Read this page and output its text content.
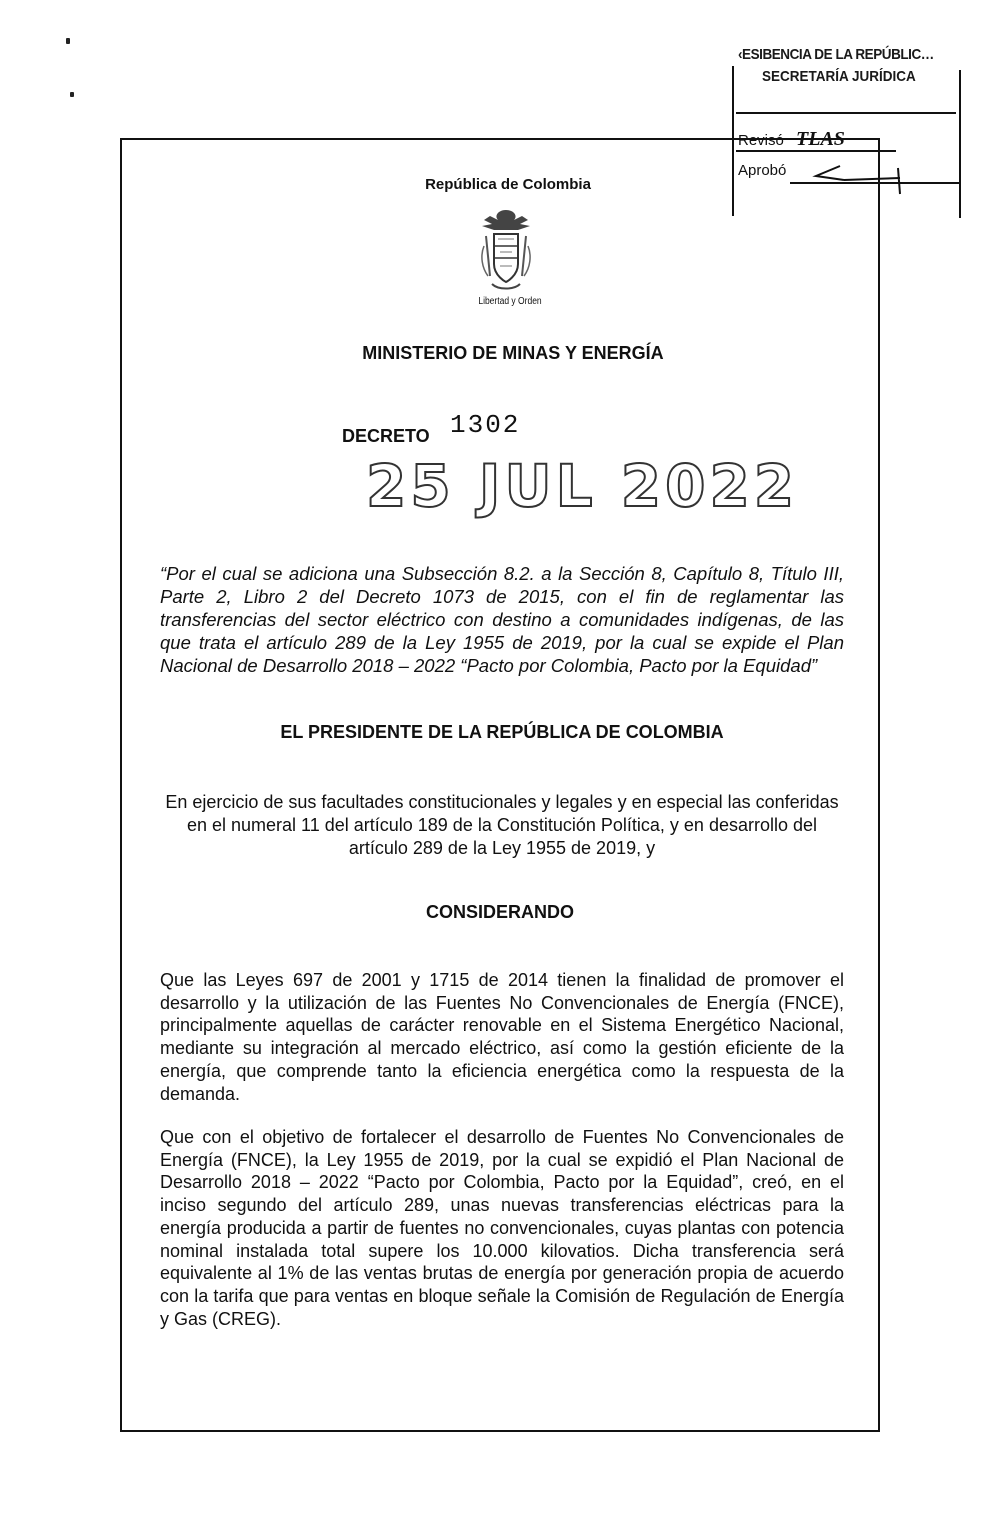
‹ESIBENCIA DE LA REPÚBLIC…
SECRETARÍA JURÍDICA
Revisó TLAS
Aprobó
República de Colombia
Libertad y Orden
MINISTERIO DE MINAS Y ENERGÍA
DECRETO 1302
25 JUL 2022
“Por el cual se adiciona una Subsección 8.2. a la Sección 8, Capítulo 8, Título III, Parte 2, Libro 2 del Decreto 1073 de 2015, con el fin de reglamentar las transferencias del sector eléctrico con destino a comunidades indígenas, de las que trata el artículo 289 de la Ley 1955 de 2019, por la cual se expide el Plan Nacional de Desarrollo 2018 – 2022 “Pacto por Colombia, Pacto por la Equidad”
EL PRESIDENTE DE LA REPÚBLICA DE COLOMBIA
En ejercicio de sus facultades constitucionales y legales y en especial las conferidas en el numeral 11 del artículo 189 de la Constitución Política, y en desarrollo del artículo 289 de la Ley 1955 de 2019, y
CONSIDERANDO
Que las Leyes 697 de 2001 y 1715 de 2014 tienen la finalidad de promover el desarrollo y la utilización de las Fuentes No Convencionales de Energía (FNCE), principalmente aquellas de carácter renovable en el Sistema Energético Nacional, mediante su integración al mercado eléctrico, así como la gestión eficiente de la energía, que comprende tanto la eficiencia energética como la respuesta de la demanda.
Que con el objetivo de fortalecer el desarrollo de Fuentes No Convencionales de Energía (FNCE), la Ley 1955 de 2019, por la cual se expidió el Plan Nacional de Desarrollo 2018 – 2022 “Pacto por Colombia, Pacto por la Equidad”, creó, en el inciso segundo del artículo 289, unas nuevas transferencias eléctricas para la energía producida a partir de fuentes no convencionales, cuyas plantas con potencia nominal instalada total supere los 10.000 kilovatios. Dicha transferencia será equivalente al 1% de las ventas brutas de energía por generación propia de acuerdo con la tarifa que para ventas en bloque señale la Comisión de Regulación de Energía y Gas (CREG).
